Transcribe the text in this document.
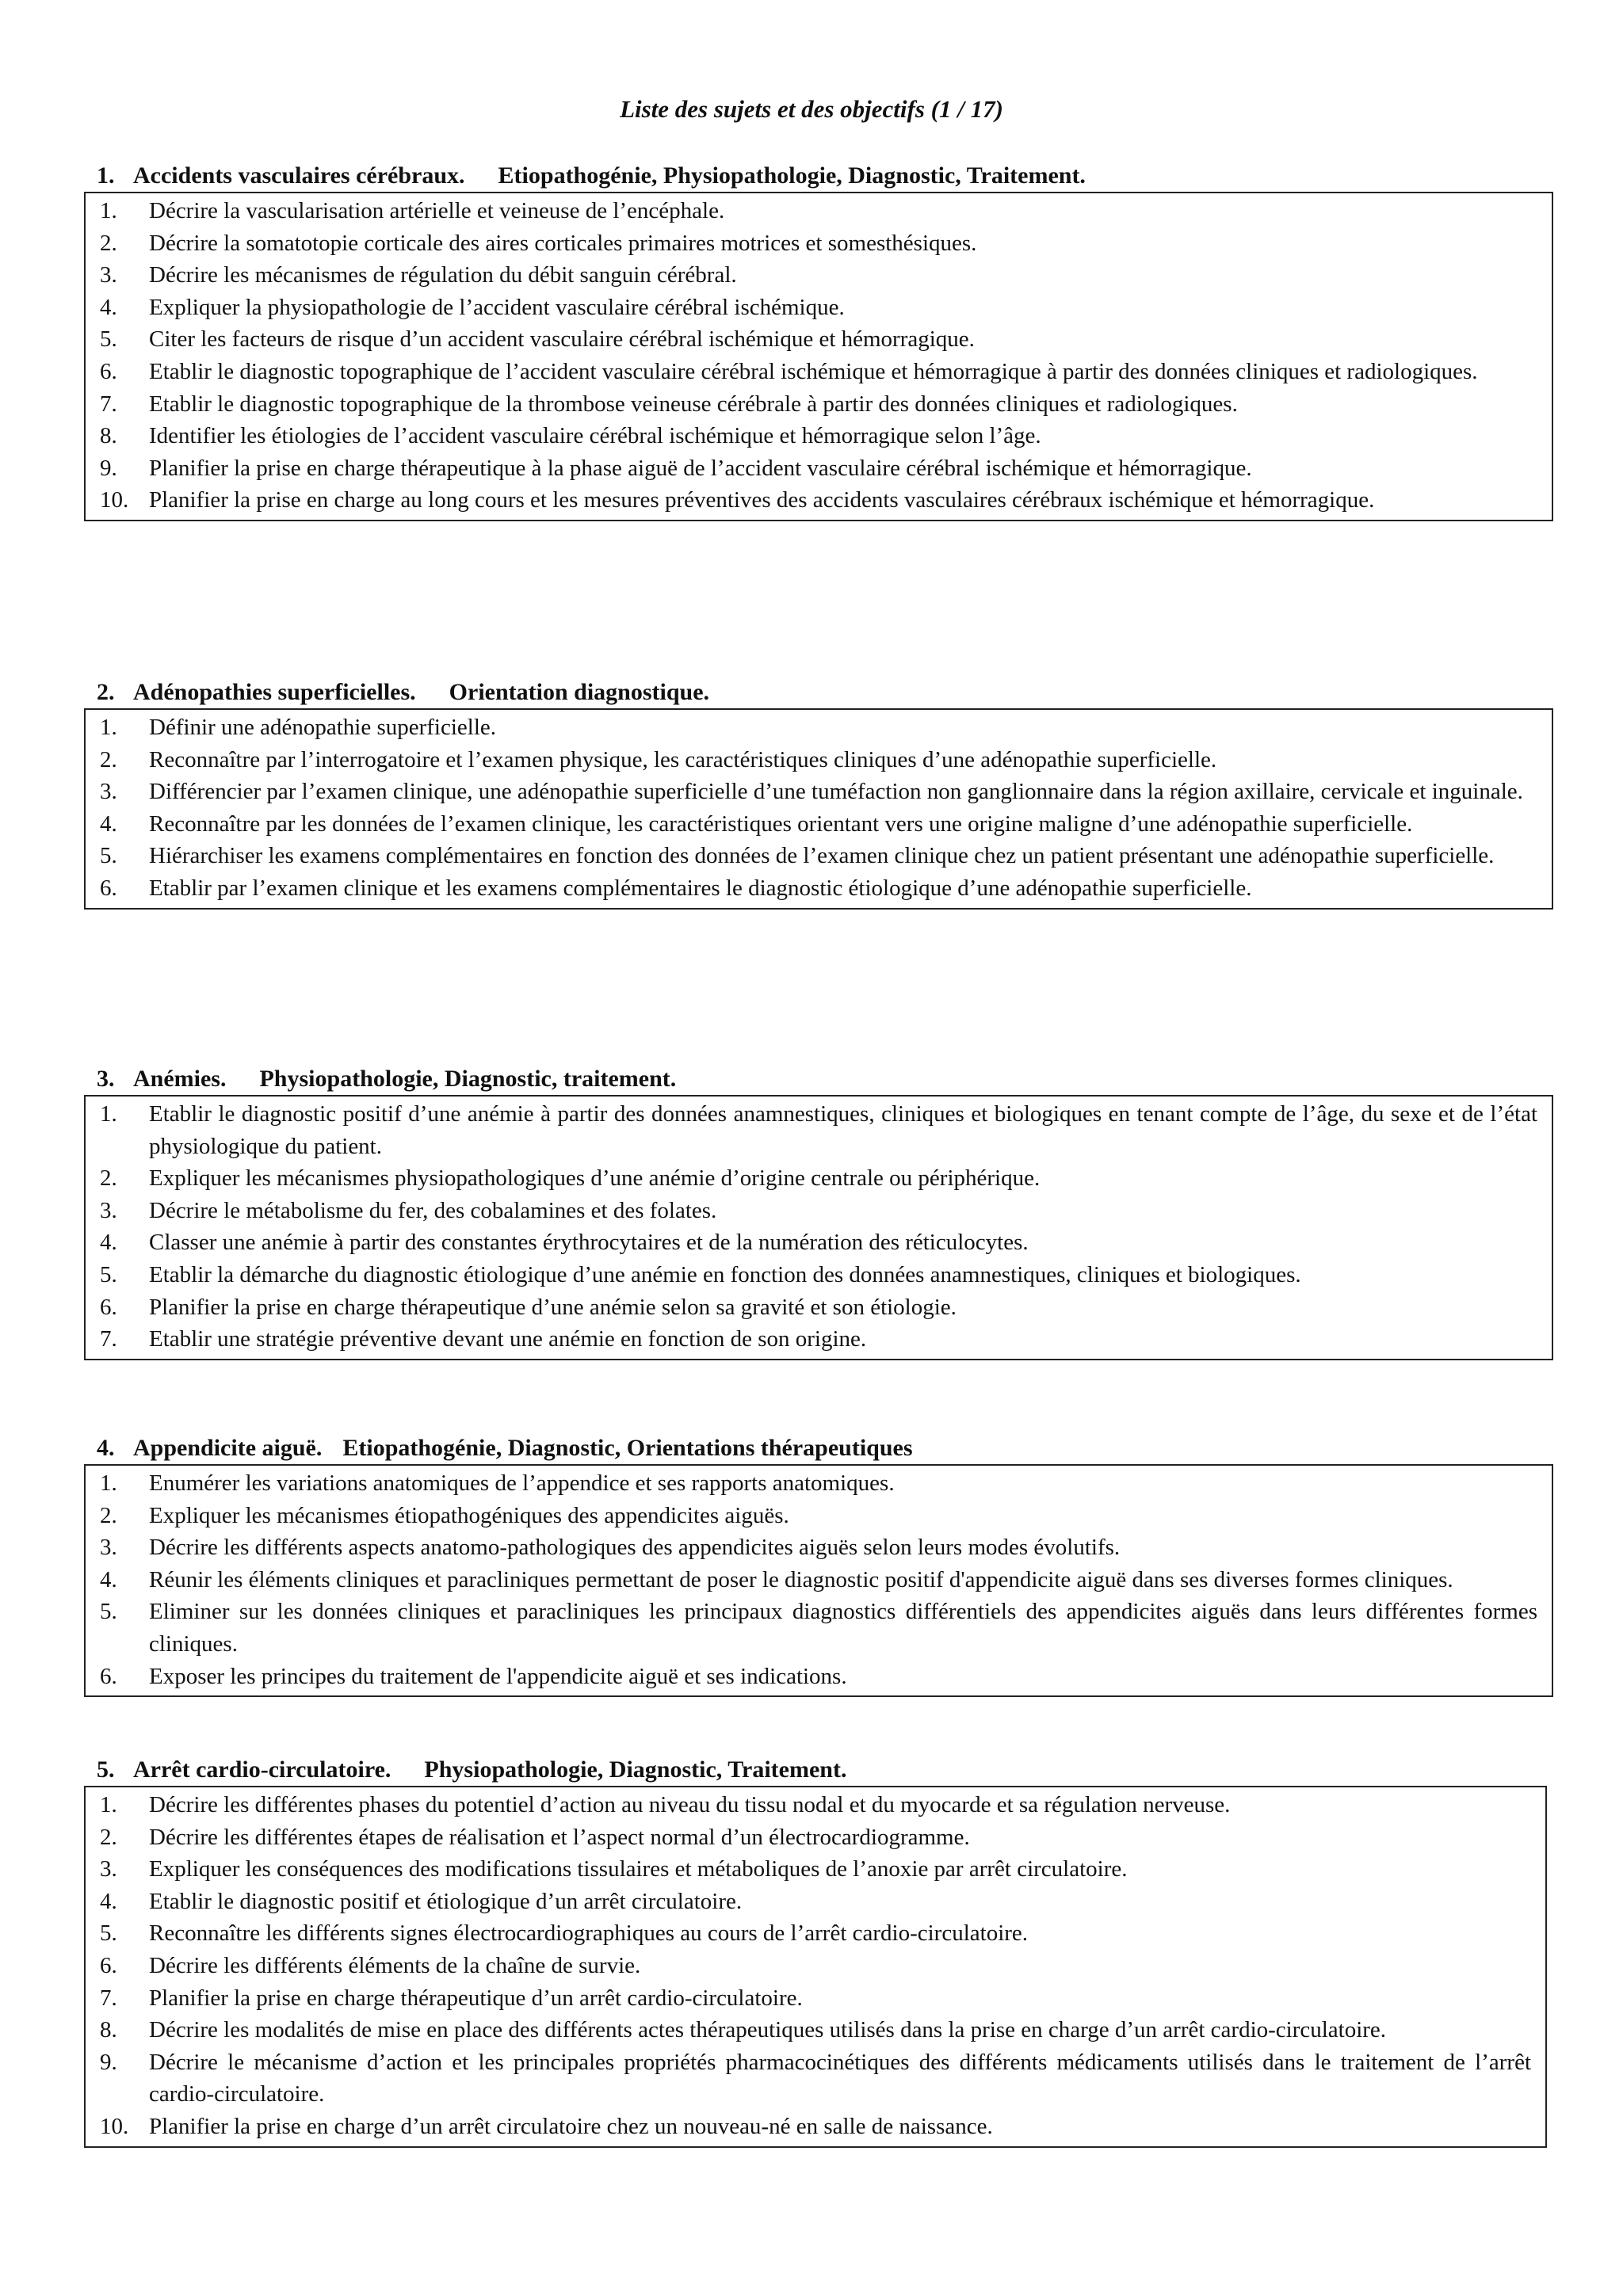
Liste des sujets et des objectifs (1 / 17)
1. Accidents vasculaires cérébraux. Etiopathogénie, Physiopathologie, Diagnostic, Traitement.
1.	Décrire la vascularisation artérielle et veineuse de l’encéphale.
2.	Décrire la somatotopie corticale des aires corticales primaires motrices et somesthésiques.
3.	Décrire les mécanismes de régulation du débit sanguin cérébral.
4.	Expliquer la physiopathologie de l’accident vasculaire cérébral ischémique.
5.	Citer les facteurs de risque d’un accident vasculaire cérébral ischémique et hémorragique.
6.	Etablir le diagnostic topographique de l’accident vasculaire cérébral ischémique et hémorragique à partir des données cliniques et radiologiques.
7.	Etablir le diagnostic topographique de la thrombose veineuse cérébrale à partir des données cliniques et radiologiques.
8.	Identifier les étiologies de l’accident vasculaire cérébral ischémique et hémorragique selon l’âge.
9.	Planifier la prise en charge thérapeutique à la phase aiguë de l’accident vasculaire cérébral ischémique et hémorragique.
10. Planifier la prise en charge au long cours et les mesures préventives des accidents vasculaires cérébraux ischémique et hémorragique.
2. Adénopathies superficielles. Orientation diagnostique.
1.	Définir une adénopathie superficielle.
2.	Reconnaître par l’interrogatoire et l’examen physique, les caractéristiques cliniques d’une adénopathie superficielle.
3.	Différencier par l’examen clinique, une adénopathie superficielle d’une tuméfaction non ganglionnaire dans la région axillaire, cervicale et inguinale.
4.	Reconnaître par les données de l’examen clinique, les caractéristiques orientant vers une origine maligne d’une adénopathie superficielle.
5.	Hiérarchiser les examens complémentaires en fonction des données de l’examen clinique chez un patient présentant une adénopathie superficielle.
6.	Etablir par l’examen clinique et les examens complémentaires le diagnostic étiologique d’une adénopathie superficielle.
3. Anémies. Physiopathologie, Diagnostic, traitement.
1.	Etablir le diagnostic positif d’une anémie à partir des données anamnestiques, cliniques et biologiques en tenant compte de l’âge, du sexe et de l’état physiologique du patient.
2.	Expliquer les mécanismes physiopathologiques d’une anémie d’origine centrale ou périphérique.
3.	Décrire le métabolisme du fer, des cobalamines et des folates.
4.	Classer une anémie à partir des constantes érythrocytaires et de la numération des réticulocytes.
5.	Etablir la démarche du diagnostic étiologique d’une anémie en fonction des données anamnestiques, cliniques et biologiques.
6.	Planifier la prise en charge thérapeutique d’une anémie selon sa gravité et son étiologie.
7.	Etablir une stratégie préventive devant une anémie en fonction de son origine.
4. Appendicite aiguë. Etiopathogénie, Diagnostic, Orientations thérapeutiques
1.	Enumérer les variations anatomiques de l’appendice et ses rapports anatomiques.
2.	Expliquer les mécanismes étiopathogéniques des appendicites aiguës.
3.	Décrire les différents aspects anatomo-pathologiques des appendicites aiguës selon leurs modes évolutifs.
4.	Réunir les éléments cliniques et paracliniques permettant de poser le diagnostic positif d'appendicite aiguë dans ses diverses formes cliniques.
5.	Eliminer sur les données cliniques et paracliniques les principaux diagnostics différentiels des appendicites aiguës dans leurs différentes formes cliniques.
6.	Exposer les principes du traitement de l'appendicite aiguë et ses indications.
5. Arrêt cardio-circulatoire. Physiopathologie, Diagnostic, Traitement.
1.	Décrire les différentes phases du potentiel d’action au niveau du tissu nodal et du myocarde et sa régulation nerveuse.
2.	Décrire les différentes étapes de réalisation et l’aspect normal d’un électrocardiogramme.
3.	Expliquer les conséquences des modifications tissulaires et métaboliques de l’anoxie par arrêt circulatoire.
4.	Etablir le diagnostic positif et étiologique d’un arrêt circulatoire.
5.	Reconnaître les différents signes électrocardiographiques au cours de l’arrêt cardio-circulatoire.
6.	Décrire les différents éléments de la chaîne de survie.
7.	Planifier la prise en charge thérapeutique d’un arrêt cardio-circulatoire.
8.	Décrire les modalités de mise en place des différents actes thérapeutiques utilisés dans la prise en charge d’un arrêt cardio-circulatoire.
9.	Décrire le mécanisme d’action et les principales propriétés pharmacocinétiques des différents médicaments utilisés dans le traitement de l’arrêt cardio-circulatoire.
10. Planifier la prise en charge d’un arrêt circulatoire chez un nouveau-né en salle de naissance.
